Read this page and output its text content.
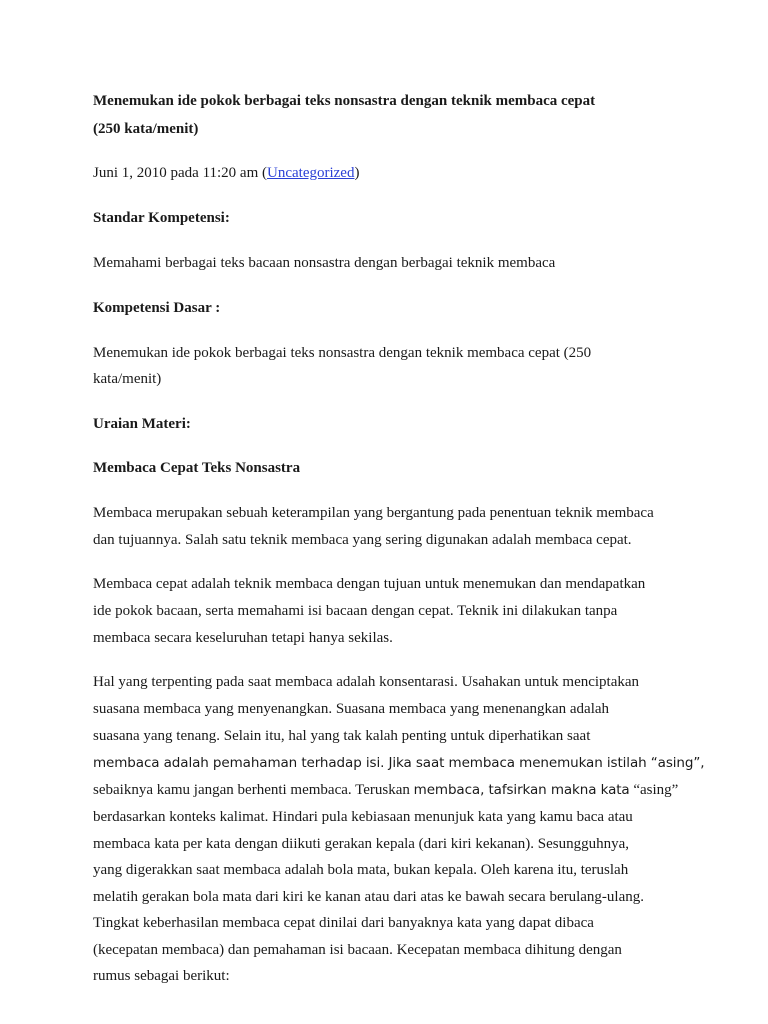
Menemukan ide pokok berbagai teks nonsastra dengan teknik membaca cepat
(250 kata/menit)
Juni 1, 2010 pada 11:20 am (Uncategorized)
Standar Kompetensi:
Memahami berbagai teks bacaan nonsastra dengan berbagai teknik membaca
Kompetensi Dasar :
Menemukan ide pokok berbagai teks nonsastra dengan teknik membaca cepat (250
kata/menit)
Uraian Materi:
Membaca Cepat Teks Nonsastra
Membaca merupakan sebuah keterampilan yang bergantung pada penentuan teknik membaca
dan tujuannya. Salah satu teknik membaca yang sering digunakan adalah membaca cepat.
Membaca cepat adalah teknik membaca dengan tujuan untuk menemukan dan mendapatkan
ide pokok bacaan, serta memahami isi bacaan dengan cepat. Teknik ini dilakukan tanpa
membaca secara keseluruhan tetapi hanya sekilas.
Hal yang terpenting pada saat membaca adalah konsentarasi. Usahakan untuk menciptakan
suasana membaca yang menyenangkan. Suasana membaca yang menenangkan adalah
suasana yang tenang. Selain itu, hal yang tak kalah penting untuk diperhatikan saat
membaca adalah pemahaman terhadap isi. Jika saat membaca menemukan istilah “asing”,
sebaiknya kamu jangan berhenti membaca. Teruskan membaca, tafsirkan makna kata “asing”
berdasarkan konteks kalimat. Hindari pula kebiasaan menunjuk kata yang kamu baca atau
membaca kata per kata dengan diikuti gerakan kepala (dari kiri kekanan). Sesungguhnya,
yang digerakkan saat membaca adalah bola mata, bukan kepala. Oleh karena itu, teruslah
melatih gerakan bola mata dari kiri ke kanan atau dari atas ke bawah secara berulang-ulang.
Tingkat keberhasilan membaca cepat dinilai dari banyaknya kata yang dapat dibaca
(kecepatan membaca) dan pemahaman isi bacaan. Kecepatan membaca dihitung dengan
rumus sebagai berikut:
